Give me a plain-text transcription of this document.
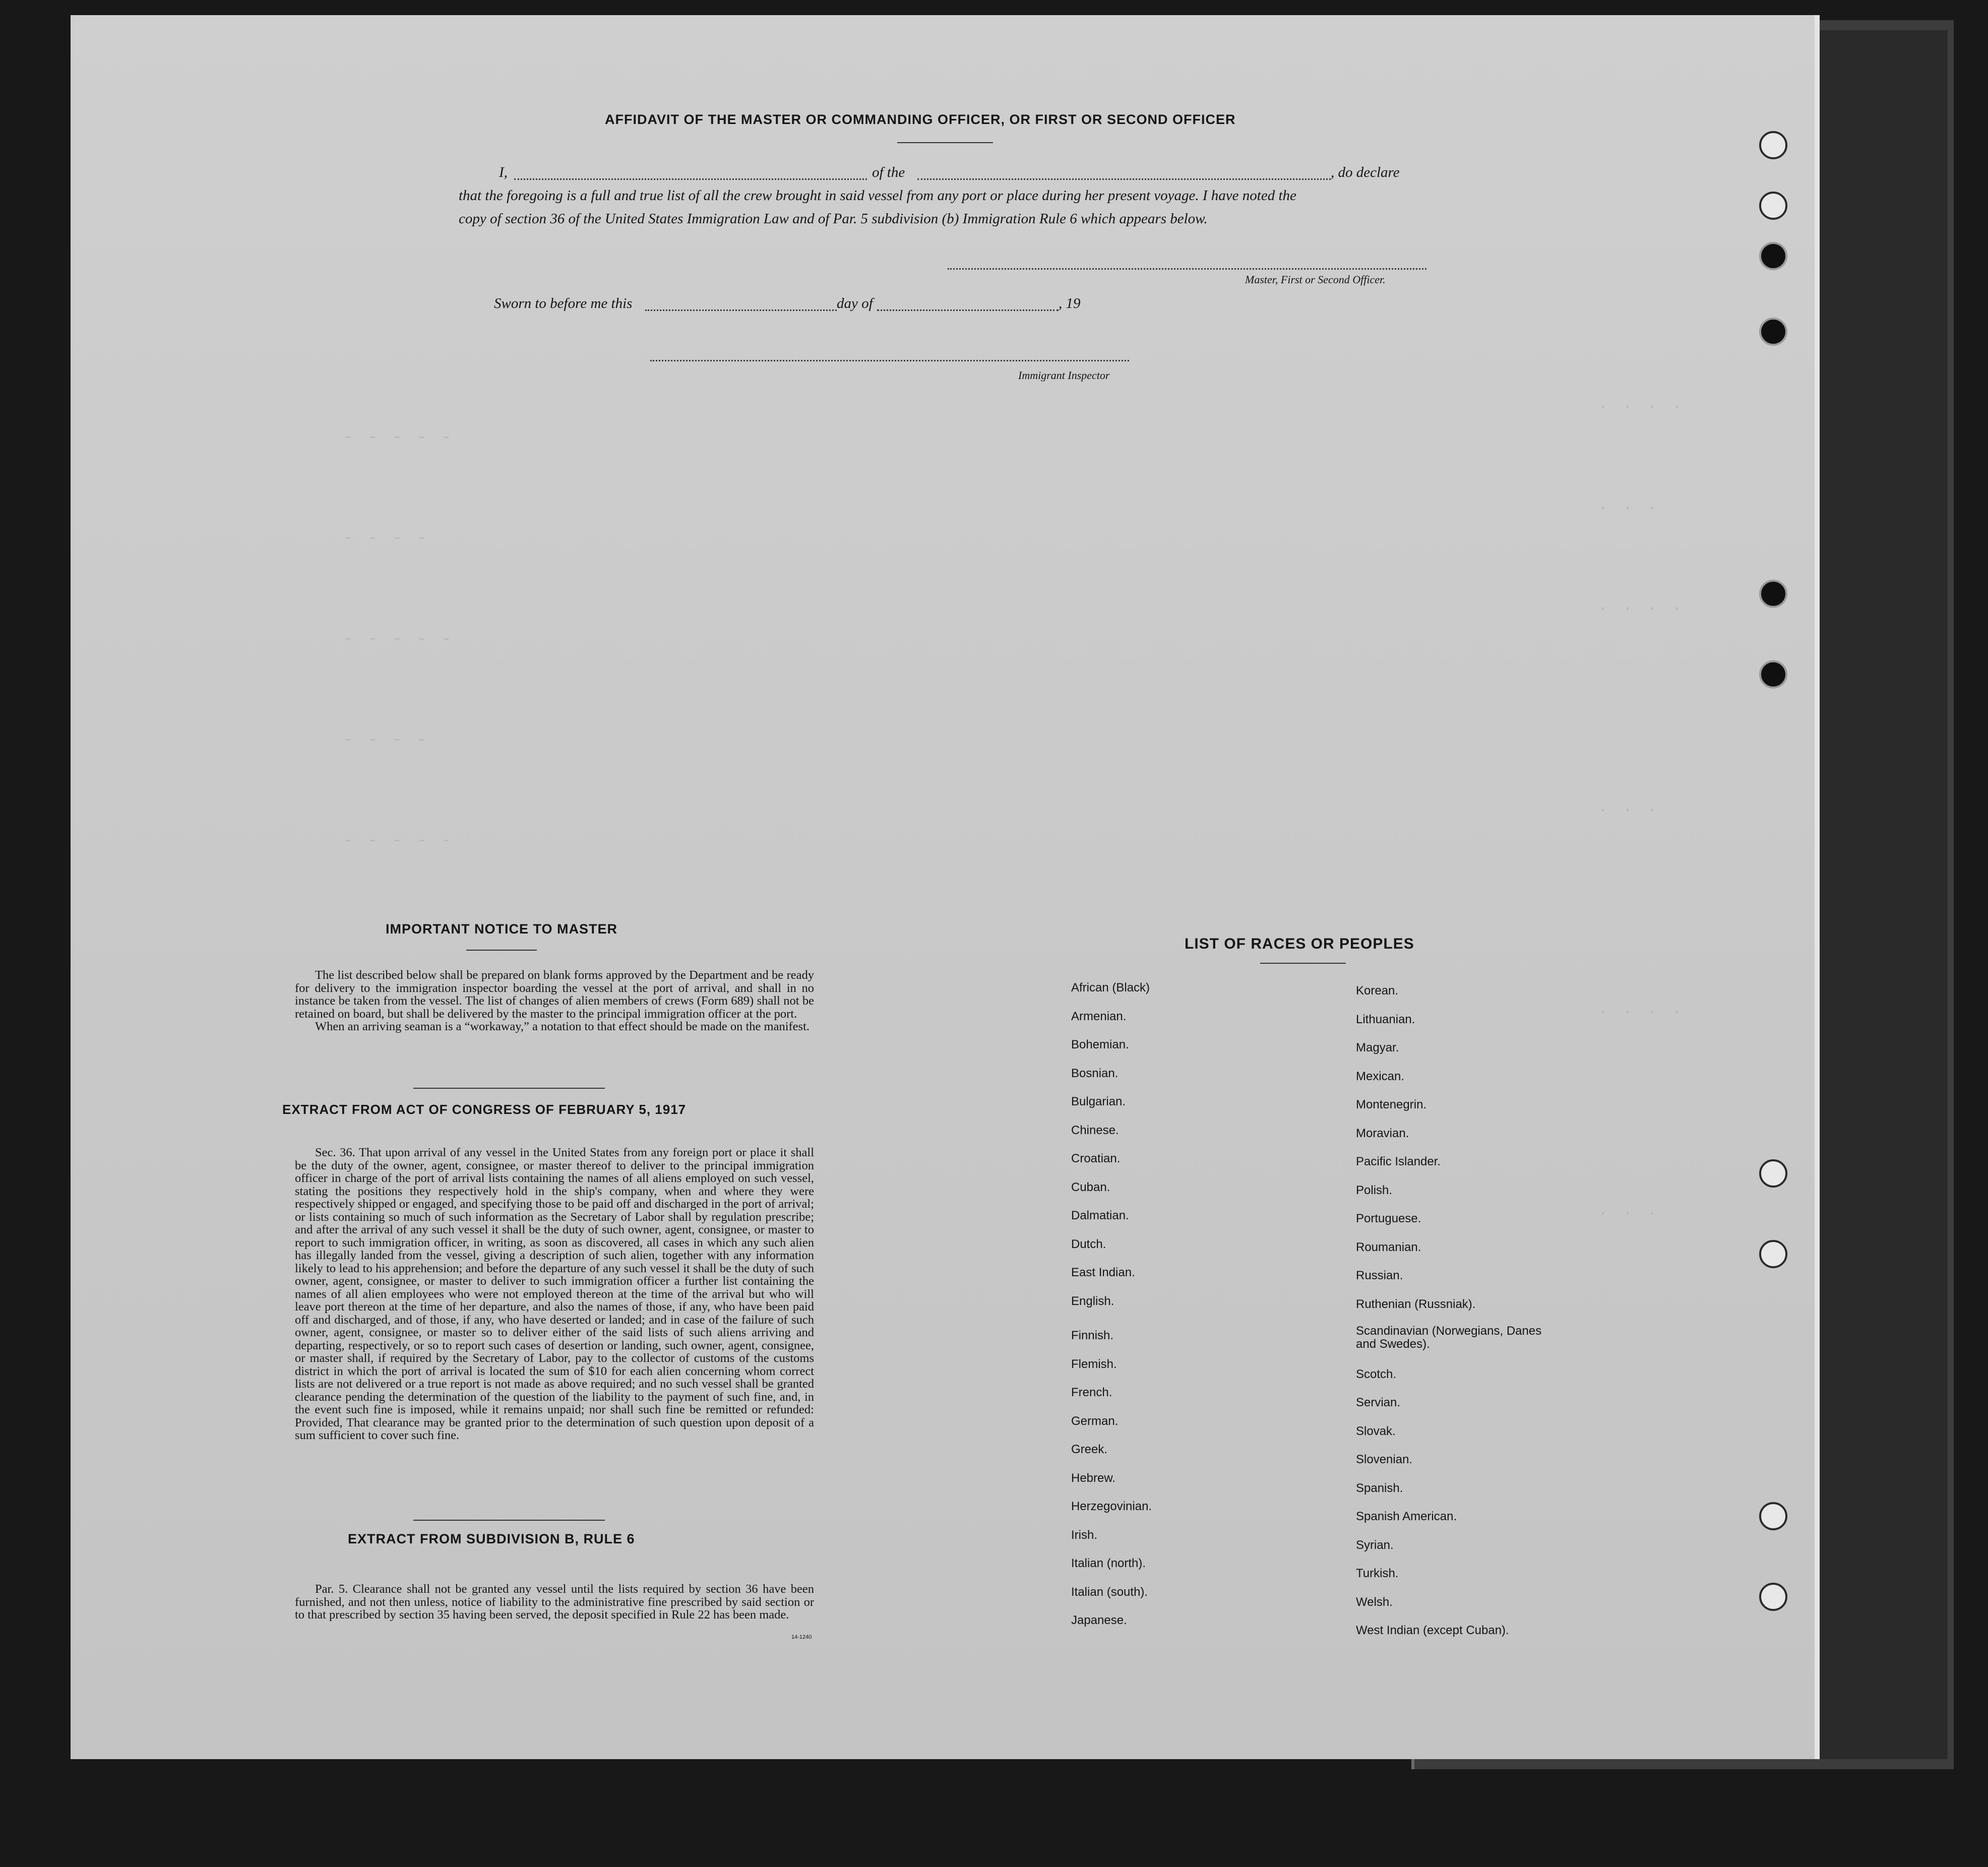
· · · ·
· · ·
· · · ·
· · ·
· · · ·
· · ·
- - - - -
- - - -
- - - - -
- - - -
- - - - -
AFFIDAVIT OF THE MASTER OR COMMANDING OFFICER, OR FIRST OR SECOND OFFICER
I,	of the	, do declare
that the foregoing is a full and true list of all the crew brought in said vessel from any port or place during her present voyage. I have noted the
copy of section 36 of the United States Immigration Law and of Par. 5 subdivision (b) Immigration Rule 6 which appears below.
Master, First or Second Officer.
Sworn to before me this	day of	, 19
Immigrant Inspector
IMPORTANT NOTICE TO MASTER

The list described below shall be prepared on blank forms approved by the Department and be ready for delivery to the immigration inspector boarding the vessel at the port of arrival, and shall in no instance be taken from the vessel. The list of changes of alien members of crews (Form 689) shall not be retained on board, but shall be delivered by the master to the principal immigration officer at the port.

When an arriving seaman is a “workaway,” a notation to that effect should be made on the manifest.

EXTRACT FROM ACT OF CONGRESS OF FEBRUARY 5, 1917
Sec. 36. That upon arrival of any vessel in the United States from any foreign port or place it shall be the duty of the owner, agent, consignee, or master thereof to deliver to the principal immigration officer in charge of the port of arrival lists containing the names of all aliens employed on such vessel, stating the positions they respectively hold in the ship's company, when and where they were respectively shipped or engaged, and specifying those to be paid off and discharged in the port of arrival; or lists containing so much of such information as the Secretary of Labor shall by regulation prescribe; and after the arrival of any such vessel it shall be the duty of such owner, agent, consignee, or master to report to such immigration officer, in writing, as soon as discovered, all cases in which any such alien has illegally landed from the vessel, giving a description of such alien, together with any information likely to lead to his apprehension; and before the departure of any such vessel it shall be the duty of such owner, agent, consignee, or master to deliver to such immigration officer a further list containing the names of all alien employees who were not employed thereon at the time of the arrival but who will leave port thereon at the time of her departure, and also the names of those, if any, who have been paid off and discharged, and of those, if any, who have deserted or landed; and in case of the failure of such owner, agent, consignee, or master so to deliver either of the said lists of such aliens arriving and departing, respectively, or so to report such cases of desertion or landing, such owner, agent, consignee, or master shall, if required by the Secretary of Labor, pay to the collector of customs of the customs district in which the port of arrival is located the sum of $10 for each alien concerning whom correct lists are not delivered or a true report is not made as above required; and no such vessel shall be granted clearance pending the determination of the question of the liability to the payment of such fine, and, in the event such fine is imposed, while it remains unpaid; nor shall such fine be remitted or refunded: Provided, That clearance may be granted prior to the determination of such question upon deposit of a sum sufficient to cover such fine.
EXTRACT FROM SUBDIVISION B, RULE 6
Par. 5. Clearance shall not be granted any vessel until the lists required by section 36 have been furnished, and not then unless, notice of liability to the administrative fine prescribed by said section or to that prescribed by section 35 having been served, the deposit specified in Rule 22 has been made.
14-1240
LIST OF RACES OR PEOPLES
African (Black)
Armenian.
Bohemian.
Bosnian.
Bulgarian.
Chinese.
Croatian.
Cuban.
Dalmatian.
Dutch.
East Indian.
English.
Finnish.
Flemish.
French.
German.
Greek.
Hebrew.
Herzegovinian.
Irish.
Italian (north).
Italian (south).
Japanese.
Korean.
Lithuanian.
Magyar.
Mexican.
Montenegrin.
Moravian.
Pacific Islander.
Polish.
Portuguese.
Roumanian.
Russian.
Ruthenian (Russniak).
Scandinavian (Norwegians, Danes and Swedes).
Scotch.
Servian.
Slovak.
Slovenian.
Spanish.
Spanish American.
Syrian.
Turkish.
Welsh.
West Indian (except Cuban).
